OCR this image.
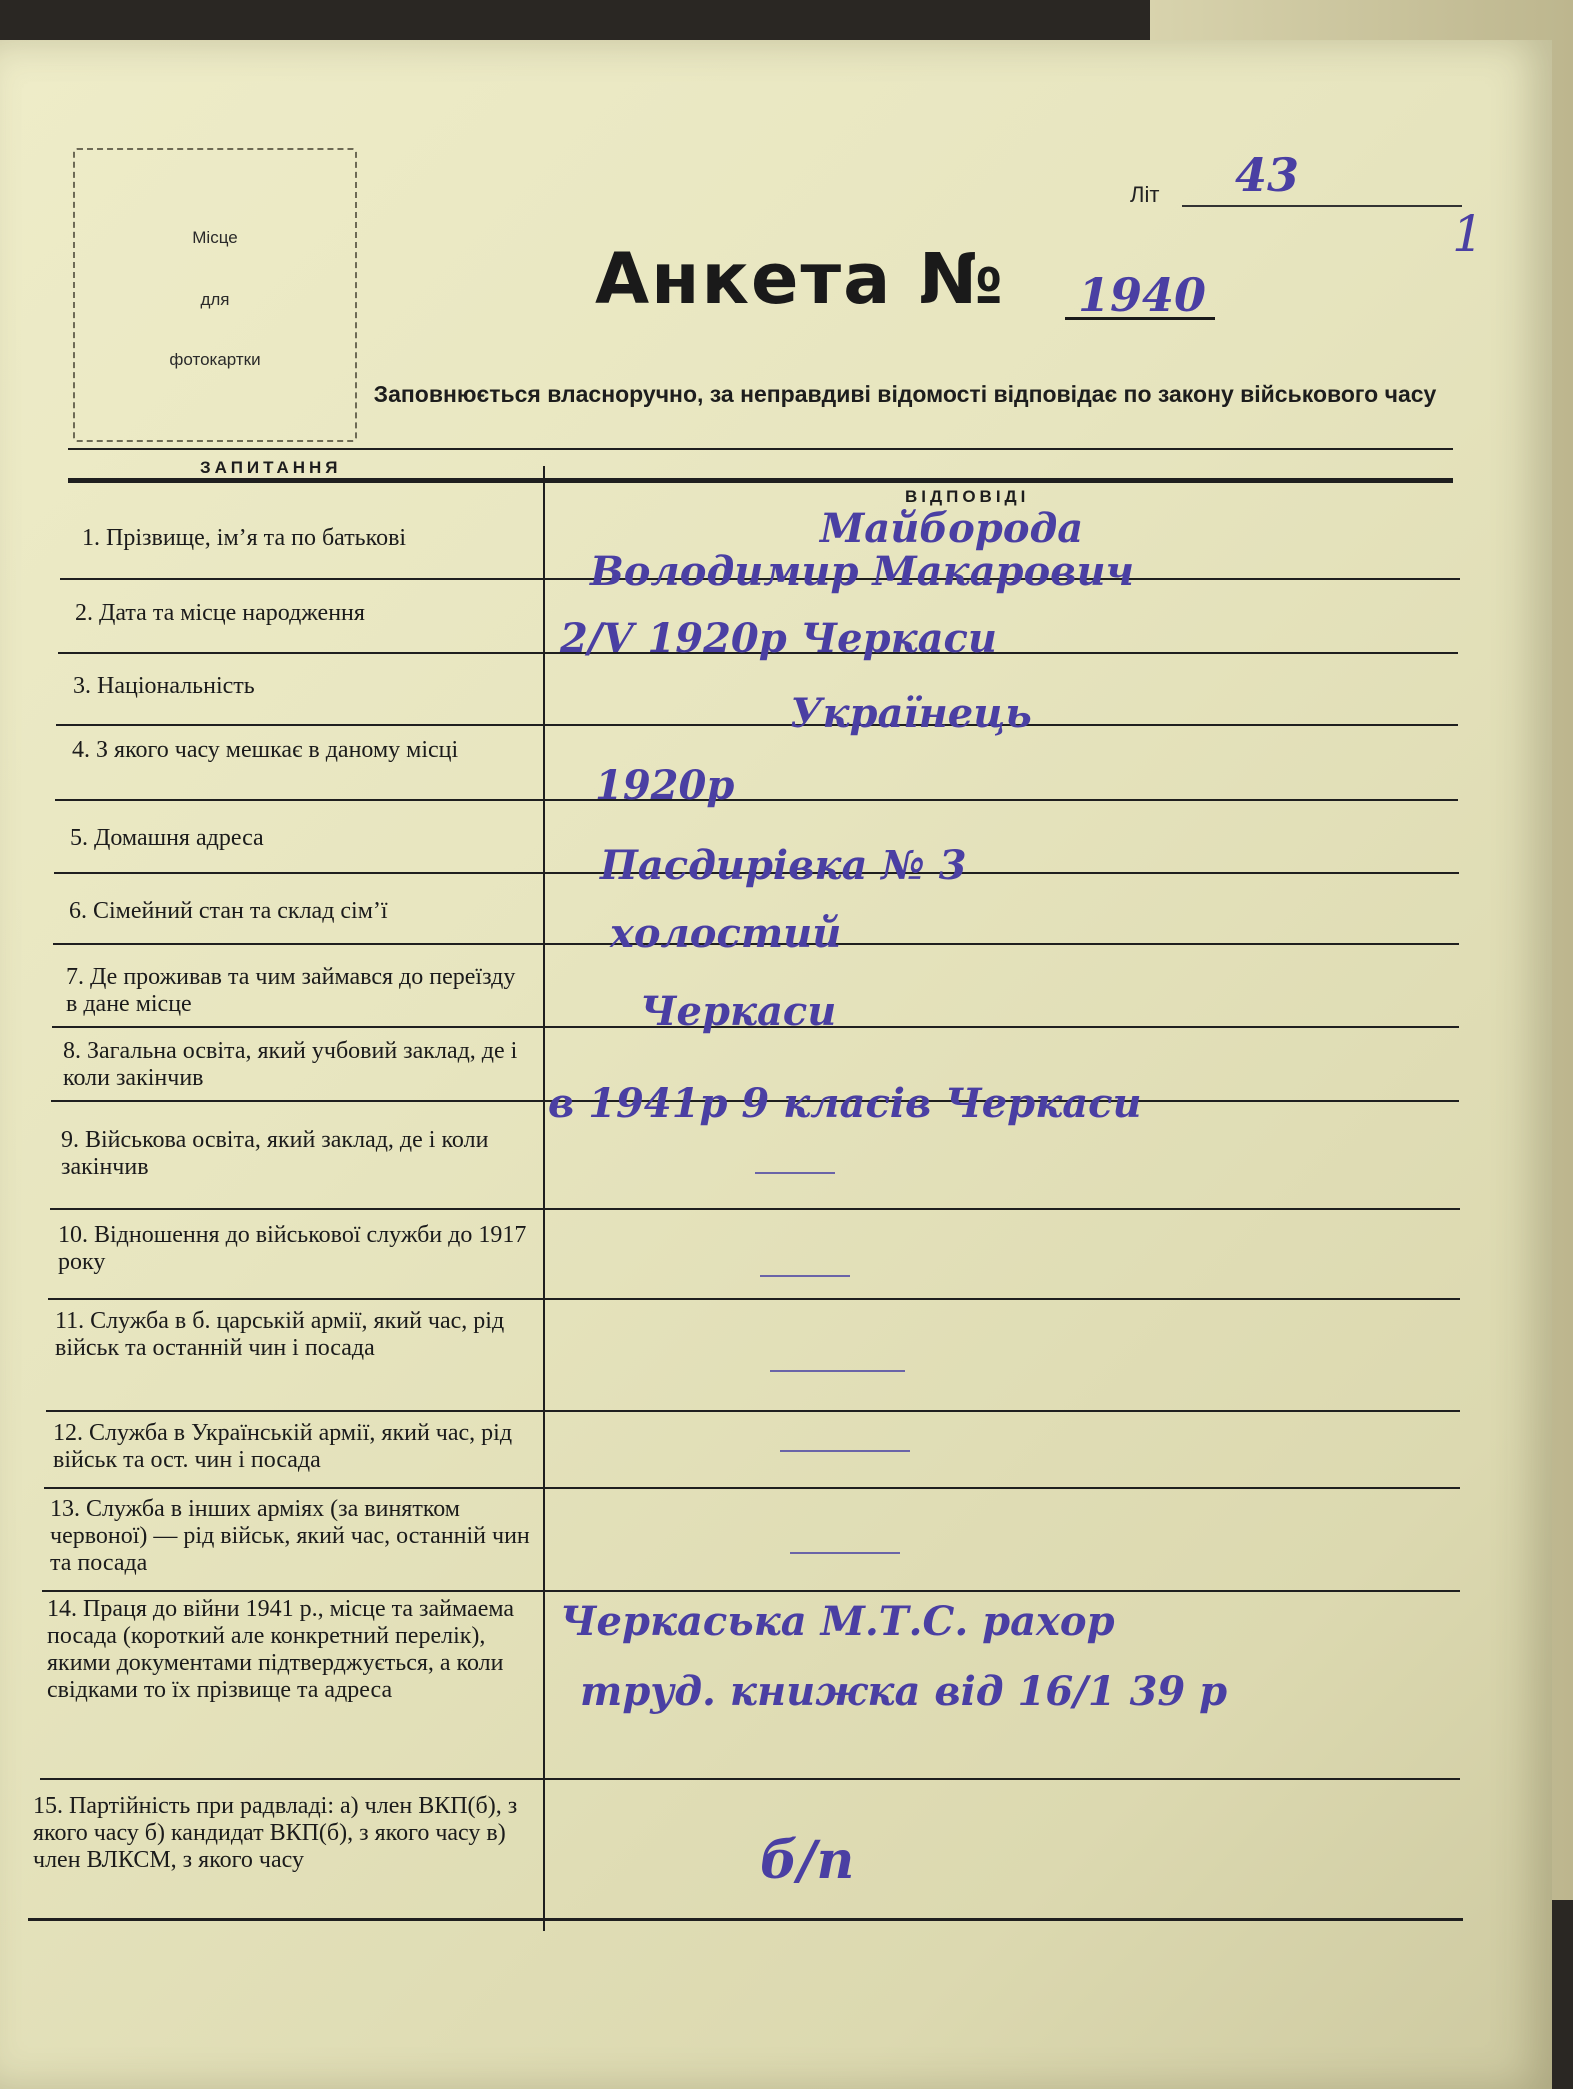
Місце
для
фотокартки
Літ 43
1
Анкета № 1940
Заповнюється власноручно, за неправдиві відомості відповідає по закону військового часу
ЗАПИТАННЯ
ВІДПОВІДІ
1. Прізвище, ім’я та по батькові
2. Дата та місце народження
3. Національність
4. З якого часу мешкає в даному місці
5. Домашня адреса
6. Сімейний стан та склад сім’ї
7. Де проживав та чим займався до переїзду в дане місце
8. Загальна освіта, який учбовий заклад, де і коли закінчив
9. Військова освіта, який заклад, де і коли закінчив
10. Відношення до військової служби до 1917 року
11. Служба в б. царській армії, який час, рід військ та останній чин і посада
12. Служба в Українській армії, який час, рід військ та ост. чин і посада
13. Служба в інших арміях (за винятком червоної) — рід військ, який час, останній чин та посада
14. Праця до війни 1941 р., місце та займаема посада (короткий але конкретний перелік), якими документами підтверджується, а коли свідками то їх прізвище та адреса
15. Партійність при радвладі: а) член ВКП(б), з якого часу б) кандидат ВКП(б), з якого часу в) член ВЛКСМ, з якого часу
Майборода
Володимир Макарович
2/V 1920р Черкаси
Українець
1920р
Пасдирівка № 3
холостий
Черкаси
в 1941р 9 класів Черкаси
Черкаська М.Т.С. рахор
труд. книжка від 16/1 39 р
б/п
